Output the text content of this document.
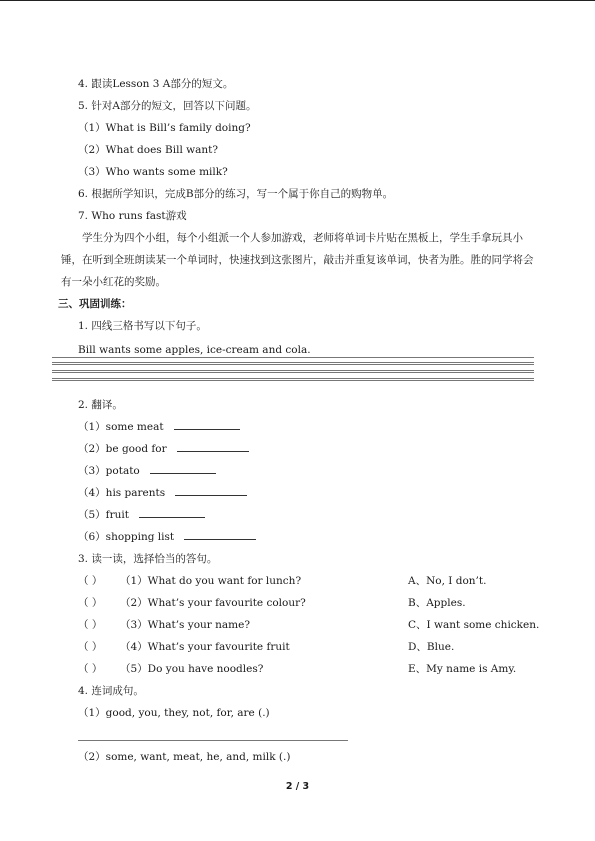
4. 跟读Lesson 3 A部分的短文。
5. 针对A部分的短文，回答以下问题。
（1）What is Bill’s family doing?
（2）What does Bill want?
（3）Who wants some milk?
6. 根据所学知识，完成B部分的练习，写一个属于你自己的购物单。
7. Who runs fast游戏
学生分为四个小组，每个小组派一个人参加游戏，老师将单词卡片贴在黑板上，学生手拿玩具小锤，在听到全班朗读某一个单词时，快速找到这张图片，敲击并重复该单词，快者为胜。胜的同学将会有一朵小红花的奖励。
三、巩固训练：
1. 四线三格书写以下句子。
Bill wants some apples, ice-cream and cola.
2. 翻译。
（1）some meat
（2）be good for
（3）potato
（4）his parents
（5）fruit
（6）shopping list
3. 读一读，选择恰当的答句。
（ ） （1）What do you want for lunch?	A、No, I don’t.
（ ） （2）What’s your favourite colour?	B、Apples.
（ ） （3）What’s your name?	C、I want some chicken.
（ ） （4）What’s your favourite fruit	D、Blue.
（ ） （5）Do you have noodles?	E、My name is Amy.
4. 连词成句。
（1）good, you, they, not, for, are (.)
（2）some, want, meat, he, and, milk (.)
2 / 3
